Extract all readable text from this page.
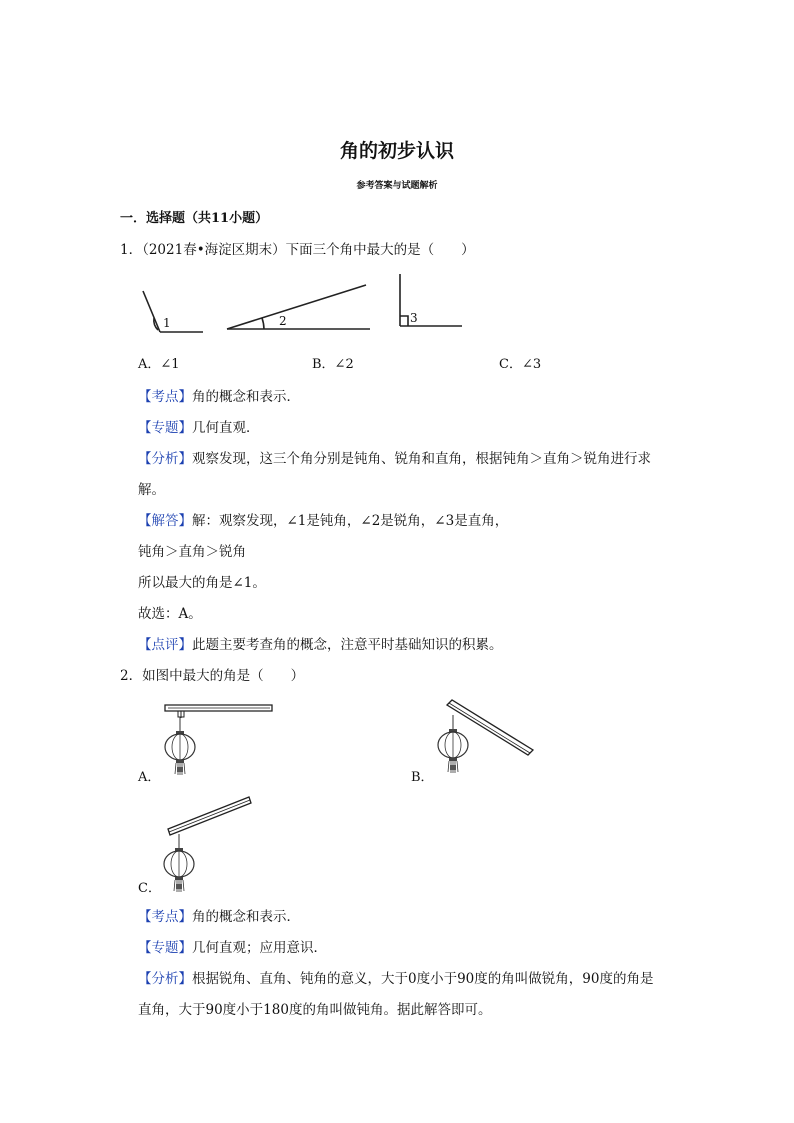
角的初步认识
参考答案与试题解析
一．选择题（共11小题）
1．（2021春•海淀区期末）下面三个角中最大的是（　　）
1	2	3
A．∠1	B．∠2	C．∠3
【考点】角的概念和表示．
【专题】几何直观．
【分析】观察发现，这三个角分别是钝角、锐角和直角，根据钝角＞直角＞锐角进行求
解。
【解答】解：观察发现，∠1是钝角，∠2是锐角，∠3是直角，
钝角＞直角＞锐角
所以最大的角是∠1。
故选：A。
【点评】此题主要考查角的概念，注意平时基础知识的积累。
2．如图中最大的角是（　　）
A．	B．
C．
【考点】角的概念和表示．
【专题】几何直观；应用意识．
【分析】根据锐角、直角、钝角的意义，大于0度小于90度的角叫做锐角，90度的角是
直角，大于90度小于180度的角叫做钝角。据此解答即可。
